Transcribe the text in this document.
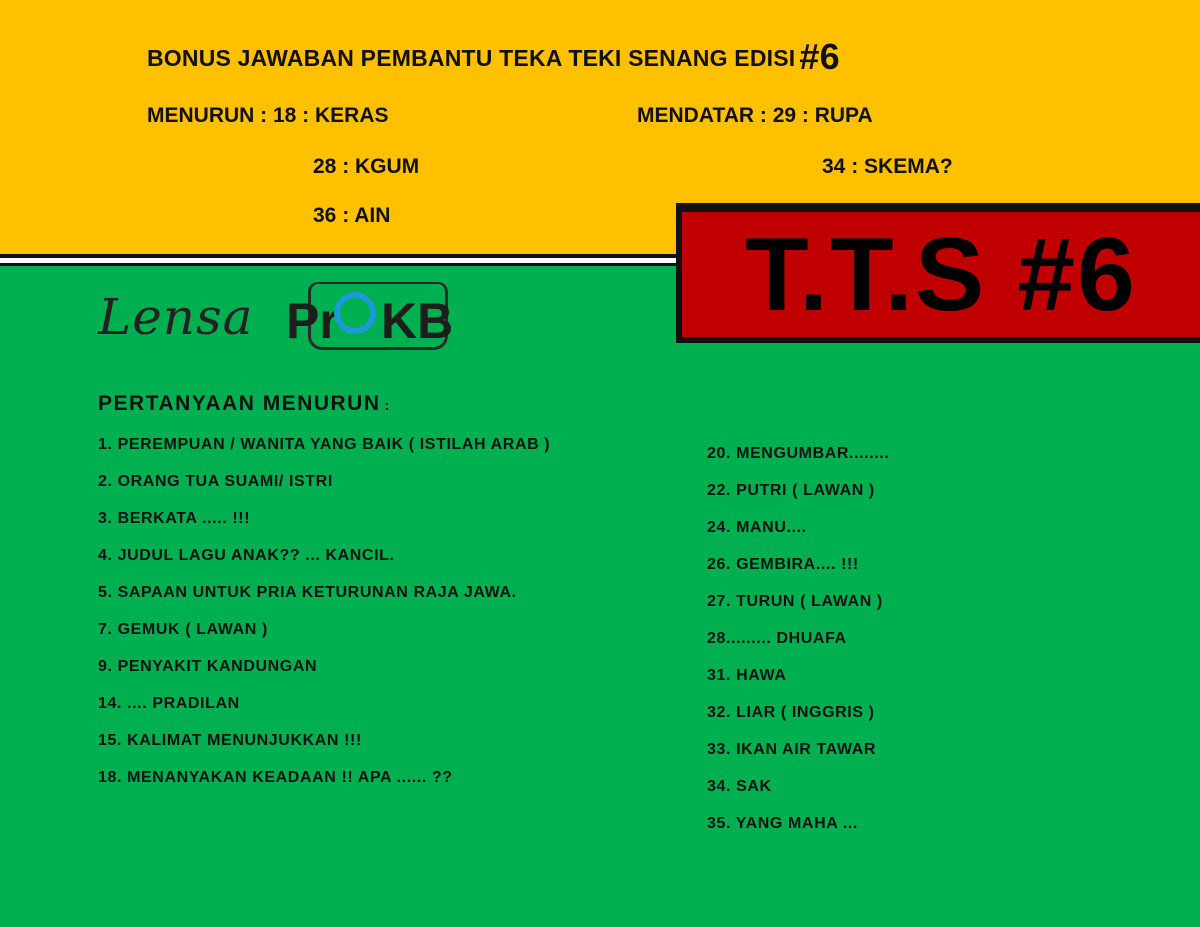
BONUS JAWABAN PEMBANTU TEKA TEKI SENANG EDISI #6
MENURUN : 18 : KERAS
28 : KGUM
36 : AIN
MENDATAR : 29 : RUPA
34 : SKEMA?
T.T.S #6
Lensa Pr KB
PERTANYAAN MENURUN :
1. PEREMPUAN / WANITA YANG BAIK ( ISTILAH ARAB )
2. ORANG TUA SUAMI/ ISTRI
3. BERKATA ..... !!!
4. JUDUL LAGU ANAK?? ... KANCIL.
5. SAPAAN UNTUK PRIA KETURUNAN RAJA JAWA.
7. GEMUK ( LAWAN )
9. PENYAKIT KANDUNGAN
14. .... PRADILAN
15. KALIMAT MENUNJUKKAN !!!
18. MENANYAKAN KEADAAN !! APA ...... ??
20. MENGUMBAR........
22. PUTRI ( LAWAN )
24. MANU....
26. GEMBIRA.... !!!
27. TURUN ( LAWAN )
28......... DHUAFA
31. HAWA
32. LIAR ( INGGRIS )
33. IKAN AIR TAWAR
34. SAK
35. YANG MAHA ...
